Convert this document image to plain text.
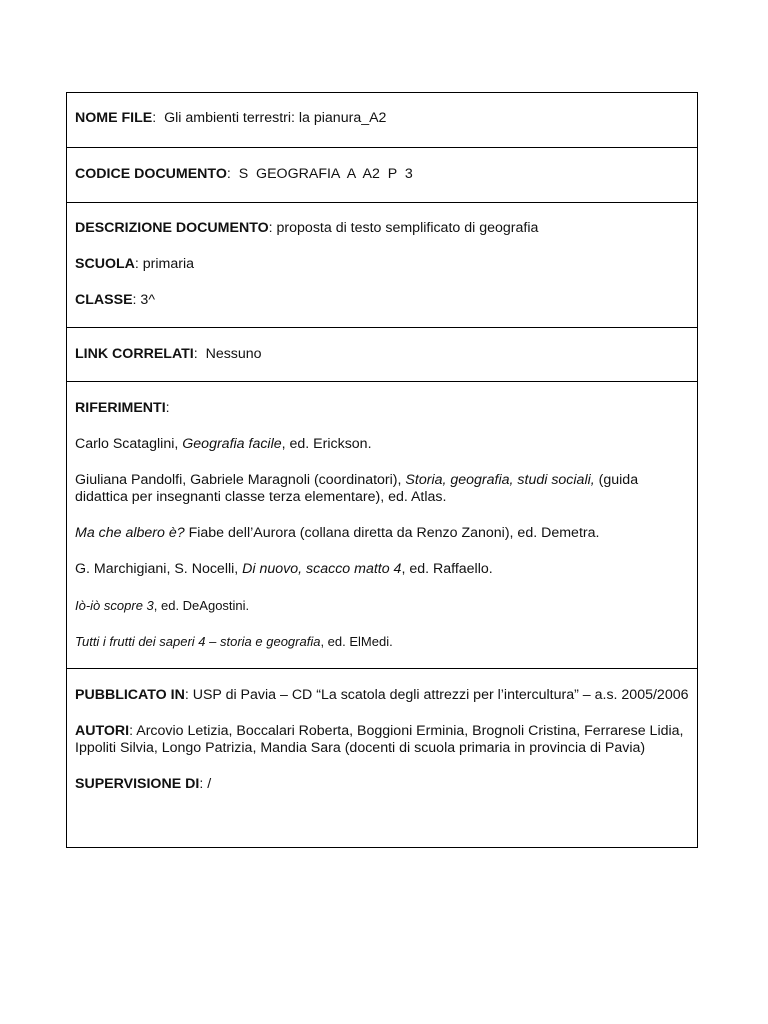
NOME FILE:  Gli ambienti terrestri: la pianura_A2

CODICE DOCUMENTO:  S  GEOGRAFIA  A  A2  P  3

DESCRIZIONE DOCUMENTO: proposta di testo semplificato di geografia

SCUOLA: primaria

CLASSE: 3^

LINK CORRELATI:  Nessuno

RIFERIMENTI:

Carlo Scataglini, Geografia facile, ed. Erickson.

Giuliana Pandolfi, Gabriele Maragnoli (coordinatori), Storia, geografia, studi sociali, (guida didattica per insegnanti classe terza elementare), ed. Atlas.

Ma che albero è? Fiabe dell’Aurora (collana diretta da Renzo Zanoni), ed. Demetra.

G. Marchigiani, S. Nocelli, Di nuovo, scacco matto 4, ed. Raffaello.

Iò-iò scopre 3, ed. DeAgostini.

Tutti i frutti dei saperi 4 – storia e geografia, ed. ElMedi.

PUBBLICATO IN: USP di Pavia – CD “La scatola degli attrezzi per l’intercultura” – a.s. 2005/2006

AUTORI: Arcovio Letizia, Boccalari Roberta, Boggioni Erminia, Brognoli Cristina, Ferrarese Lidia, Ippoliti Silvia, Longo Patrizia, Mandia Sara (docenti di scuola primaria in provincia di Pavia)

SUPERVISIONE DI: /
